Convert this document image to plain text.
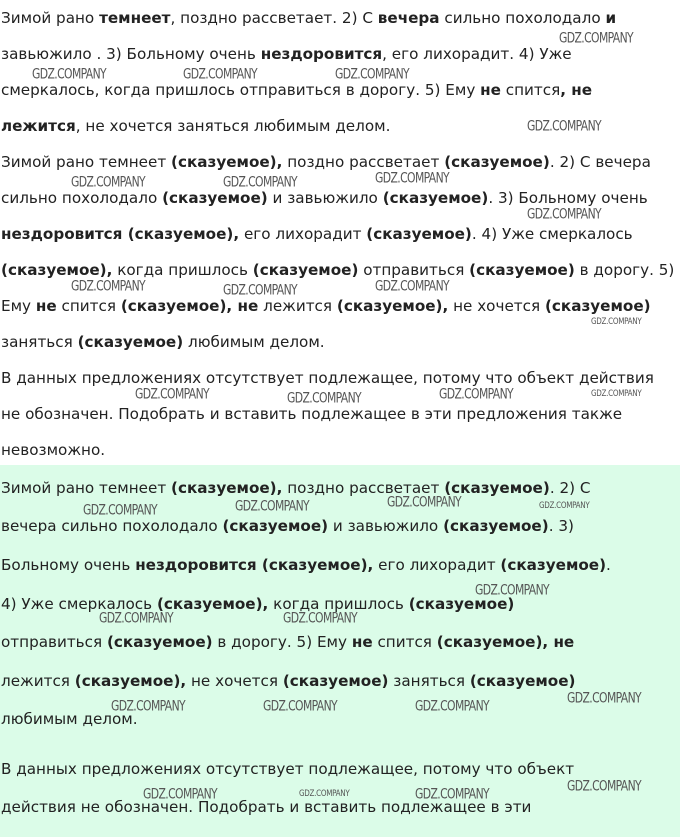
Зимой рано темнеет, поздно рассветает. 2) С вечера сильно похолодало и
завьюжило . 3) Больному очень нездоровится, его лихорадит. 4) Уже
смеркалось, когда пришлось отправиться в дорогу. 5) Ему не спится, не
лежится, не хочется заняться любимым делом.
Зимой рано темнеет (сказуемое), поздно рассветает (сказуемое). 2) С вечера
сильно похолодало (сказуемое) и завьюжило (сказуемое). 3) Больному очень
нездоровится (сказуемое), его лихорадит (сказуемое). 4) Уже смеркалось
(сказуемое), когда пришлось (сказуемое) отправиться (сказуемое) в дорогу. 5)
Ему не спится (сказуемое), не лежится (сказуемое), не хочется (сказуемое)
заняться (сказуемое) любимым делом.
В данных предложениях отсутствует подлежащее, потому что объект действия
не обозначен. Подобрать и вставить подлежащее в эти предложения также
невозможно.
Зимой рано темнеет (сказуемое), поздно рассветает (сказуемое). 2) С
вечера сильно похолодало (сказуемое) и завьюжило (сказуемое). 3)
Больному очень нездоровится (сказуемое), его лихорадит (сказуемое).
4) Уже смеркалось (сказуемое), когда пришлось (сказуемое)
отправиться (сказуемое) в дорогу. 5) Ему не спится (сказуемое), не
лежится (сказуемое), не хочется (сказуемое) заняться (сказуемое)
любимым делом.
В данных предложениях отсутствует подлежащее, потому что объект
действия не обозначен. Подобрать и вставить подлежащее в эти
GDZ.COMPANY
GDZ.COMPANY	GDZ.COMPANY	GDZ.COMPANY
GDZ.COMPANY
GDZ.COMPANY	GDZ.COMPANY	GDZ.COMPANY
GDZ.COMPANY
GDZ.COMPANY	GDZ.COMPANY	GDZ.COMPANY
GDZ.COMPANY
GDZ.COMPANY	GDZ.COMPANY	GDZ.COMPANY	GDZ.COMPANY
GDZ.COMPANY	GDZ.COMPANY	GDZ.COMPANY	GDZ.COMPANY
GDZ.COMPANY
GDZ.COMPANY	GDZ.COMPANY
GDZ.COMPANY
GDZ.COMPANY	GDZ.COMPANY	GDZ.COMPANY
GDZ.COMPANY
GDZ.COMPANY	GDZ.COMPANY	GDZ.COMPANY
